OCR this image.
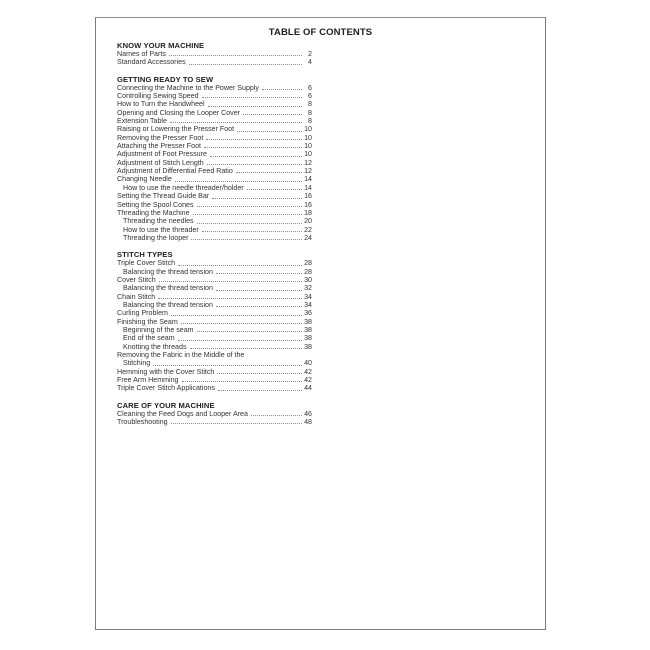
TABLE OF CONTENTS
KNOW YOUR MACHINE
Names of Parts	2
Standard Accessories	4
GETTING READY TO SEW
Connecting the Machine to the Power Supply	6
Controlling Sewing Speed	6
How to Turn the Handwheel	8
Opening and Closing the Looper Cover	8
Extension Table	8
Raising or Lowering the Presser Foot	10
Removing the Presser Foot	10
Attaching the Presser Foot	10
Adjustment of Foot Pressure	10
Adjustment of Stitch Length	12
Adjustment of Differential Feed Ratio	12
Changing Needle	14
How to use the needle threader/holder	14
Setting the Thread Guide Bar	16
Setting the Spool Cones	16
Threading the Machine	18
Threading the needles	20
How to use the threader	22
Threading the looper	24
STITCH TYPES
Triple Cover Stitch	28
Balancing the thread tension	28
Cover Stitch	30
Balancing the thread tension	32
Chain Stitch	34
Balancing the thread tension	34
Curling Problem	36
Finishing the Seam	38
Beginning of the seam	38
End of the seam	38
Knotting the threads	38
Removing the Fabric in the Middle of the
Stitching	40
Hemming with the Cover Stitch	42
Free Arm Hemming	42
Triple Cover Stitch Applications	44
CARE OF YOUR MACHINE
Cleaning the Feed Dogs and Looper Area	46
Troubleshooting	48
